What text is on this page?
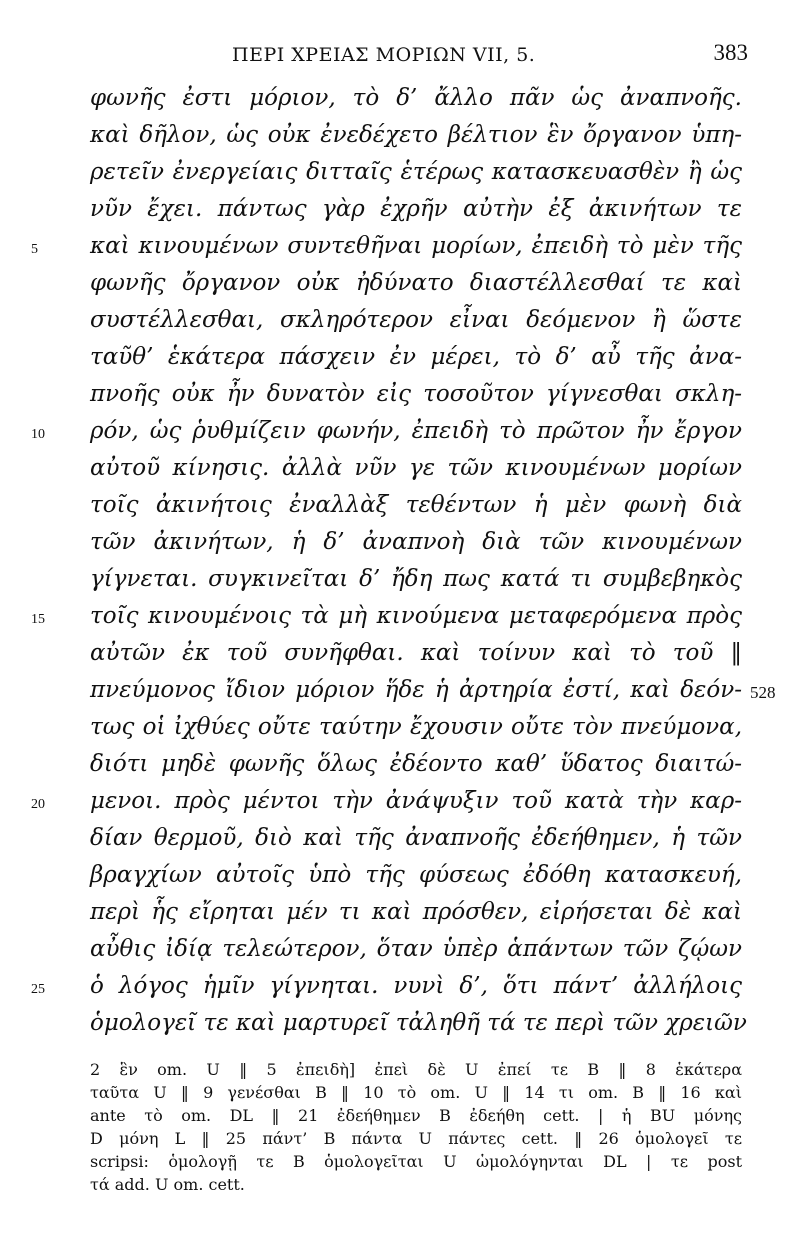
ΠΕΡΙ ΧΡΕΙΑΣ ΜΟΡΙΩΝ VII, 5.	383
φωνῆς ἐστι μόριον, τὸ δ’ ἄλλο πᾶν ὡς ἀναπνοῆς.
καὶ δῆλον, ὡς οὐκ ἐνεδέχετο βέλτιον ἓν ὄργανον ὑπη-
ρετεῖν ἐνεργείαις διτταῖς ἑτέρως κατασκευασθὲν ἢ ὡς
νῦν ἔχει. πάντως γὰρ ἐχρῆν αὐτὴν ἐξ ἀκινήτων τε
καὶ κινουμένων συντεθῆναι μορίων, ἐπειδὴ τὸ μὲν τῆς
φωνῆς ὄργανον οὐκ ἠδύνατο διαστέλλεσθαί τε καὶ
συστέλλεσθαι, σκληρότερον εἶναι δεόμενον ἢ ὥστε
ταῦθ’ ἑκάτερα πάσχειν ἐν μέρει, τὸ δ’ αὖ τῆς ἀνα-
πνοῆς οὐκ ἦν δυνατὸν εἰς τοσοῦτον γίγνεσθαι σκλη-
ρόν, ὡς ῥυθμίζειν φωνήν, ἐπειδὴ τὸ πρῶτον ἦν ἔργον
αὐτοῦ κίνησις. ἀλλὰ νῦν γε τῶν κινουμένων μορίων
τοῖς ἀκινήτοις ἐναλλὰξ τεθέντων ἡ μὲν φωνὴ διὰ
τῶν ἀκινήτων, ἡ δ’ ἀναπνοὴ διὰ τῶν κινουμένων
γίγνεται. συγκινεῖται δ’ ἤδη πως κατά τι συμβεβηκὸς
τοῖς κινουμένοις τὰ μὴ κινούμενα μεταφερόμενα πρὸς
αὐτῶν ἐκ τοῦ συνῆφθαι. καὶ τοίνυν καὶ τὸ τοῦ ‖
πνεύμονος ἴδιον μόριον ἥδε ἡ ἀρτηρία ἐστί, καὶ δεόν-
τως οἱ ἰχθύες οὔτε ταύτην ἔχουσιν οὔτε τὸν πνεύμονα,
διότι μηδὲ φωνῆς ὅλως ἐδέοντο καθ’ ὕδατος διαιτώ-
μενοι. πρὸς μέντοι τὴν ἀνάψυξιν τοῦ κατὰ τὴν καρ-
δίαν θερμοῦ, διὸ καὶ τῆς ἀναπνοῆς ἐδεήθημεν, ἡ τῶν
βραγχίων αὐτοῖς ὑπὸ τῆς φύσεως ἐδόθη κατασκευή,
περὶ ἧς εἴρηται μέν τι καὶ πρόσθεν, εἰρήσεται δὲ καὶ
αὖθις ἰδίᾳ τελεώτερον, ὅταν ὑπὲρ ἁπάντων τῶν ζῴων
ὁ λόγος ἡμῖν γίγνηται. νυνὶ δ’, ὅτι πάντ’ ἀλλήλοις
ὁμολογεῖ τε καὶ μαρτυρεῖ τἀληθῆ τά τε περὶ τῶν χρειῶν
5
10
15
20
25
528
2 ἓν om. U ‖ 5 ἐπειδὴ] ἐπεὶ δὲ U ἐπεί τε B ‖ 8 ἑκάτερα
ταῦτα U ‖ 9 γενέσθαι B ‖ 10 τὸ om. U ‖ 14 τι om. B ‖ 16 καὶ
ante τὸ om. DL ‖ 21 ἐδεήθημεν B ἐδεήθη cett. | ἡ BU μόνης
D μόνη L ‖ 25 πάντ’ B πάντα U πάντες cett. ‖ 26 ὁμολογεῖ τε
scripsi: ὁμολογῇ τε B ὁμολογεῖται U ὡμολόγηνται DL | τε post
τά add. U om. cett.
